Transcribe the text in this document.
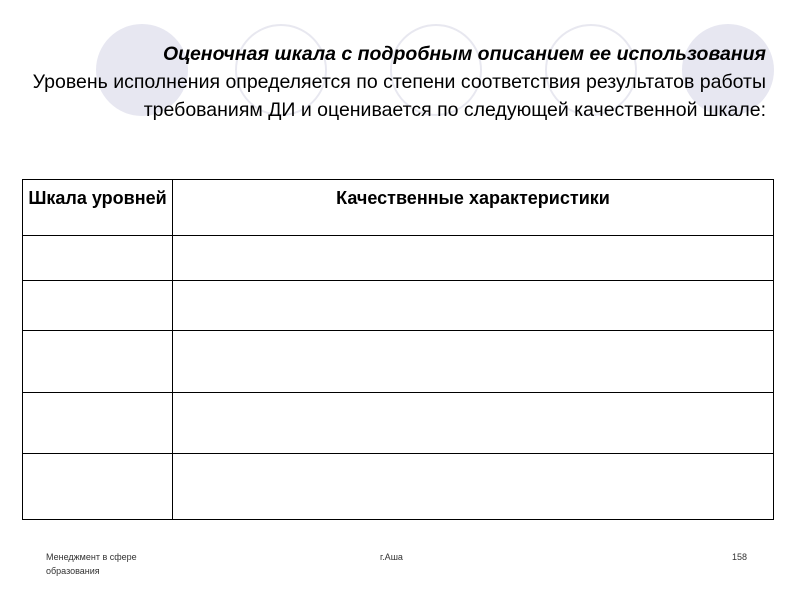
Оценочная шкала с подробным описанием ее использования
Уровень исполнения определяется по степени соответствия результатов работы требованиям ДИ и оценивается по следующей качественной шкале:
Шкала уровней	Качественные характеристики

Менеджмент в сфере образования
г.Аша	158
